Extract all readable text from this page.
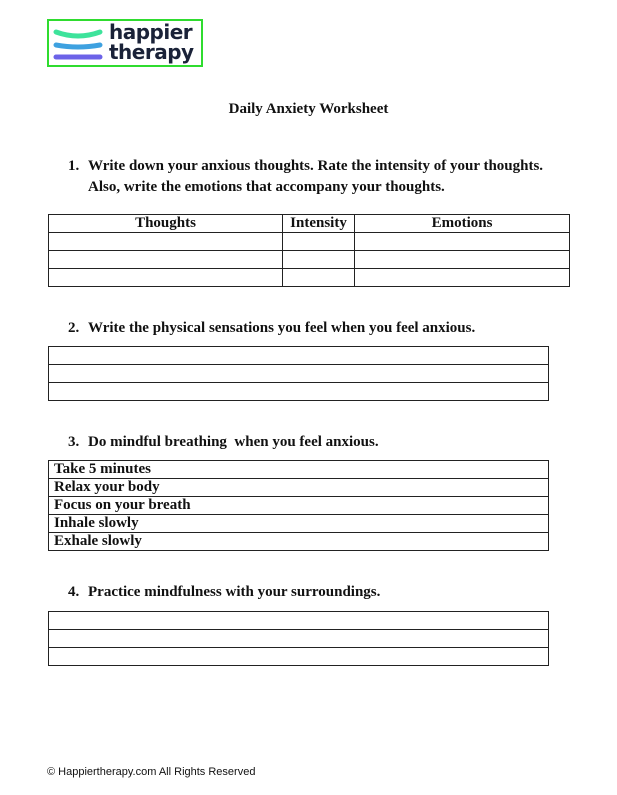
happier
therapy
Daily Anxiety Worksheet
1. Write down your anxious thoughts. Rate the intensity of your thoughts.
Also, write the emotions that accompany your thoughts.
Thoughts	Intensity	Emotions

2. Write the physical sensations you feel when you feel anxious.

3. Do mindful breathing  when you feel anxious.
Take 5 minutes
Relax your body
Focus on your breath
Inhale slowly
Exhale slowly
4. Practice mindfulness with your surroundings.

© Happiertherapy.com All Rights Reserved
